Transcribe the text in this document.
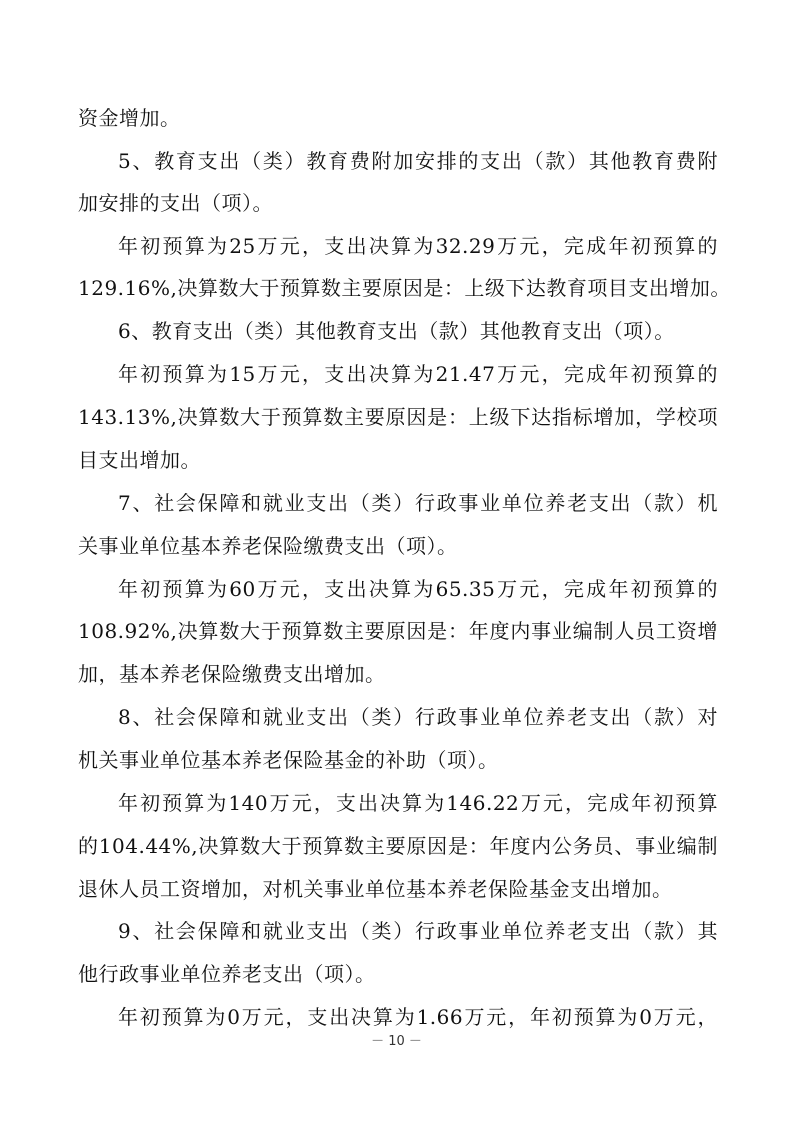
资金增加。
5、教育支出（类）教育费附加安排的支出（款）其他教育费附
加安排的支出（项）。
年初预算为25万元，支出决算为32.29万元，完成年初预算的
129.16%,决算数大于预算数主要原因是：上级下达教育项目支出增加。
6、教育支出（类）其他教育支出（款）其他教育支出（项）。
年初预算为15万元，支出决算为21.47万元，完成年初预算的
143.13%,决算数大于预算数主要原因是：上级下达指标增加，学校项
目支出增加。
7、社会保障和就业支出（类）行政事业单位养老支出（款）机
关事业单位基本养老保险缴费支出（项）。
年初预算为60万元，支出决算为65.35万元，完成年初预算的
108.92%,决算数大于预算数主要原因是：年度内事业编制人员工资增
加，基本养老保险缴费支出增加。
8、社会保障和就业支出（类）行政事业单位养老支出（款）对
机关事业单位基本养老保险基金的补助（项）。
年初预算为140万元，支出决算为146.22万元，完成年初预算
的104.44%,决算数大于预算数主要原因是：年度内公务员、事业编制
退休人员工资增加，对机关事业单位基本养老保险基金支出增加。
9、社会保障和就业支出（类）行政事业单位养老支出（款）其
他行政事业单位养老支出（项）。
年初预算为0万元，支出决算为1.66万元，年初预算为0万元，
－ 10 －
